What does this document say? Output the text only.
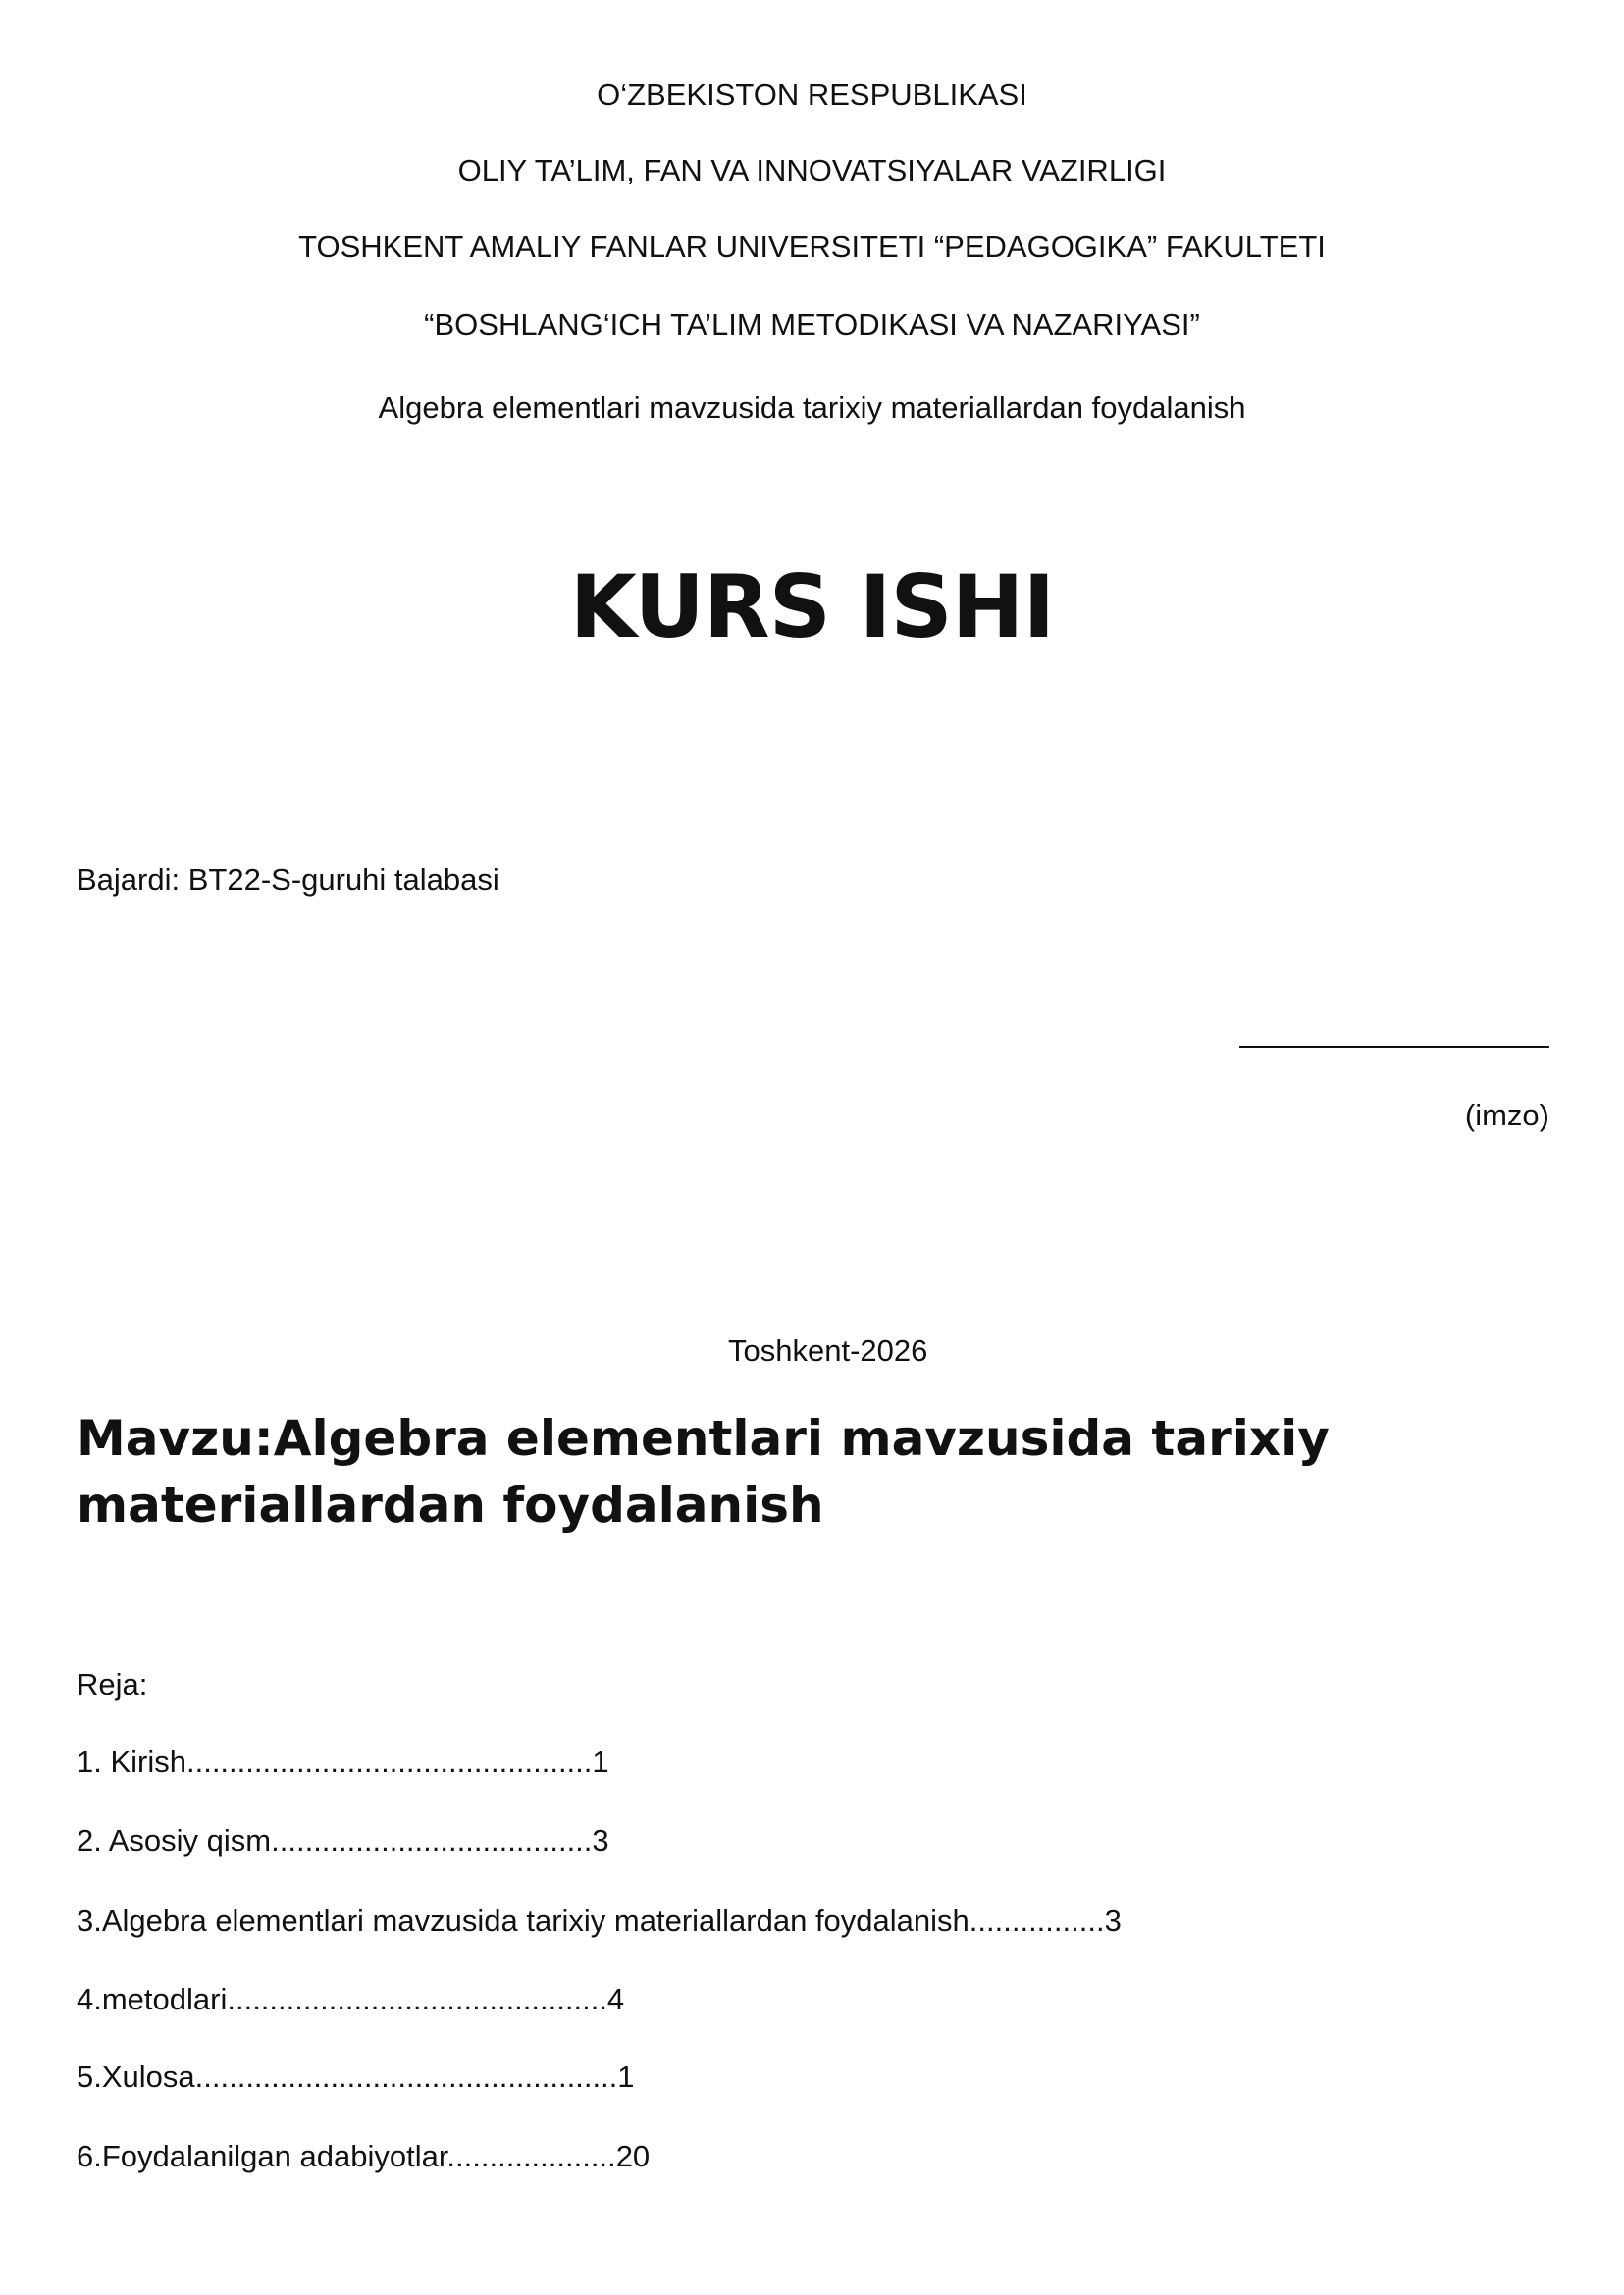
O‘ZBEKISTON RESPUBLIKASI
OLIY TA’LIM, FAN VA INNOVATSIYALAR VAZIRLIGI
TOSHKENT AMALIY FANLAR UNIVERSITETI “PEDAGOGIKA” FAKULTETI
“BOSHLANG‘ICH TA’LIM METODIKASI VA NAZARIYASI”
Algebra elementlari mavzusida tarixiy materiallardan foydalanish
KURS ISHI
Bajardi: BT22-S-guruhi talabasi
(imzo)
Toshkent-2026
Mavzu:Algebra elementlari mavzusida tarixiy materiallardan foydalanish
Reja:
1. Kirish................................................1
2. Asosiy qism......................................3
3.Algebra elementlari mavzusida tarixiy materiallardan foydalanish................3
4.metodlari.............................................4
5.Xulosa..................................................1
6.Foydalanilgan adabiyotlar....................20
